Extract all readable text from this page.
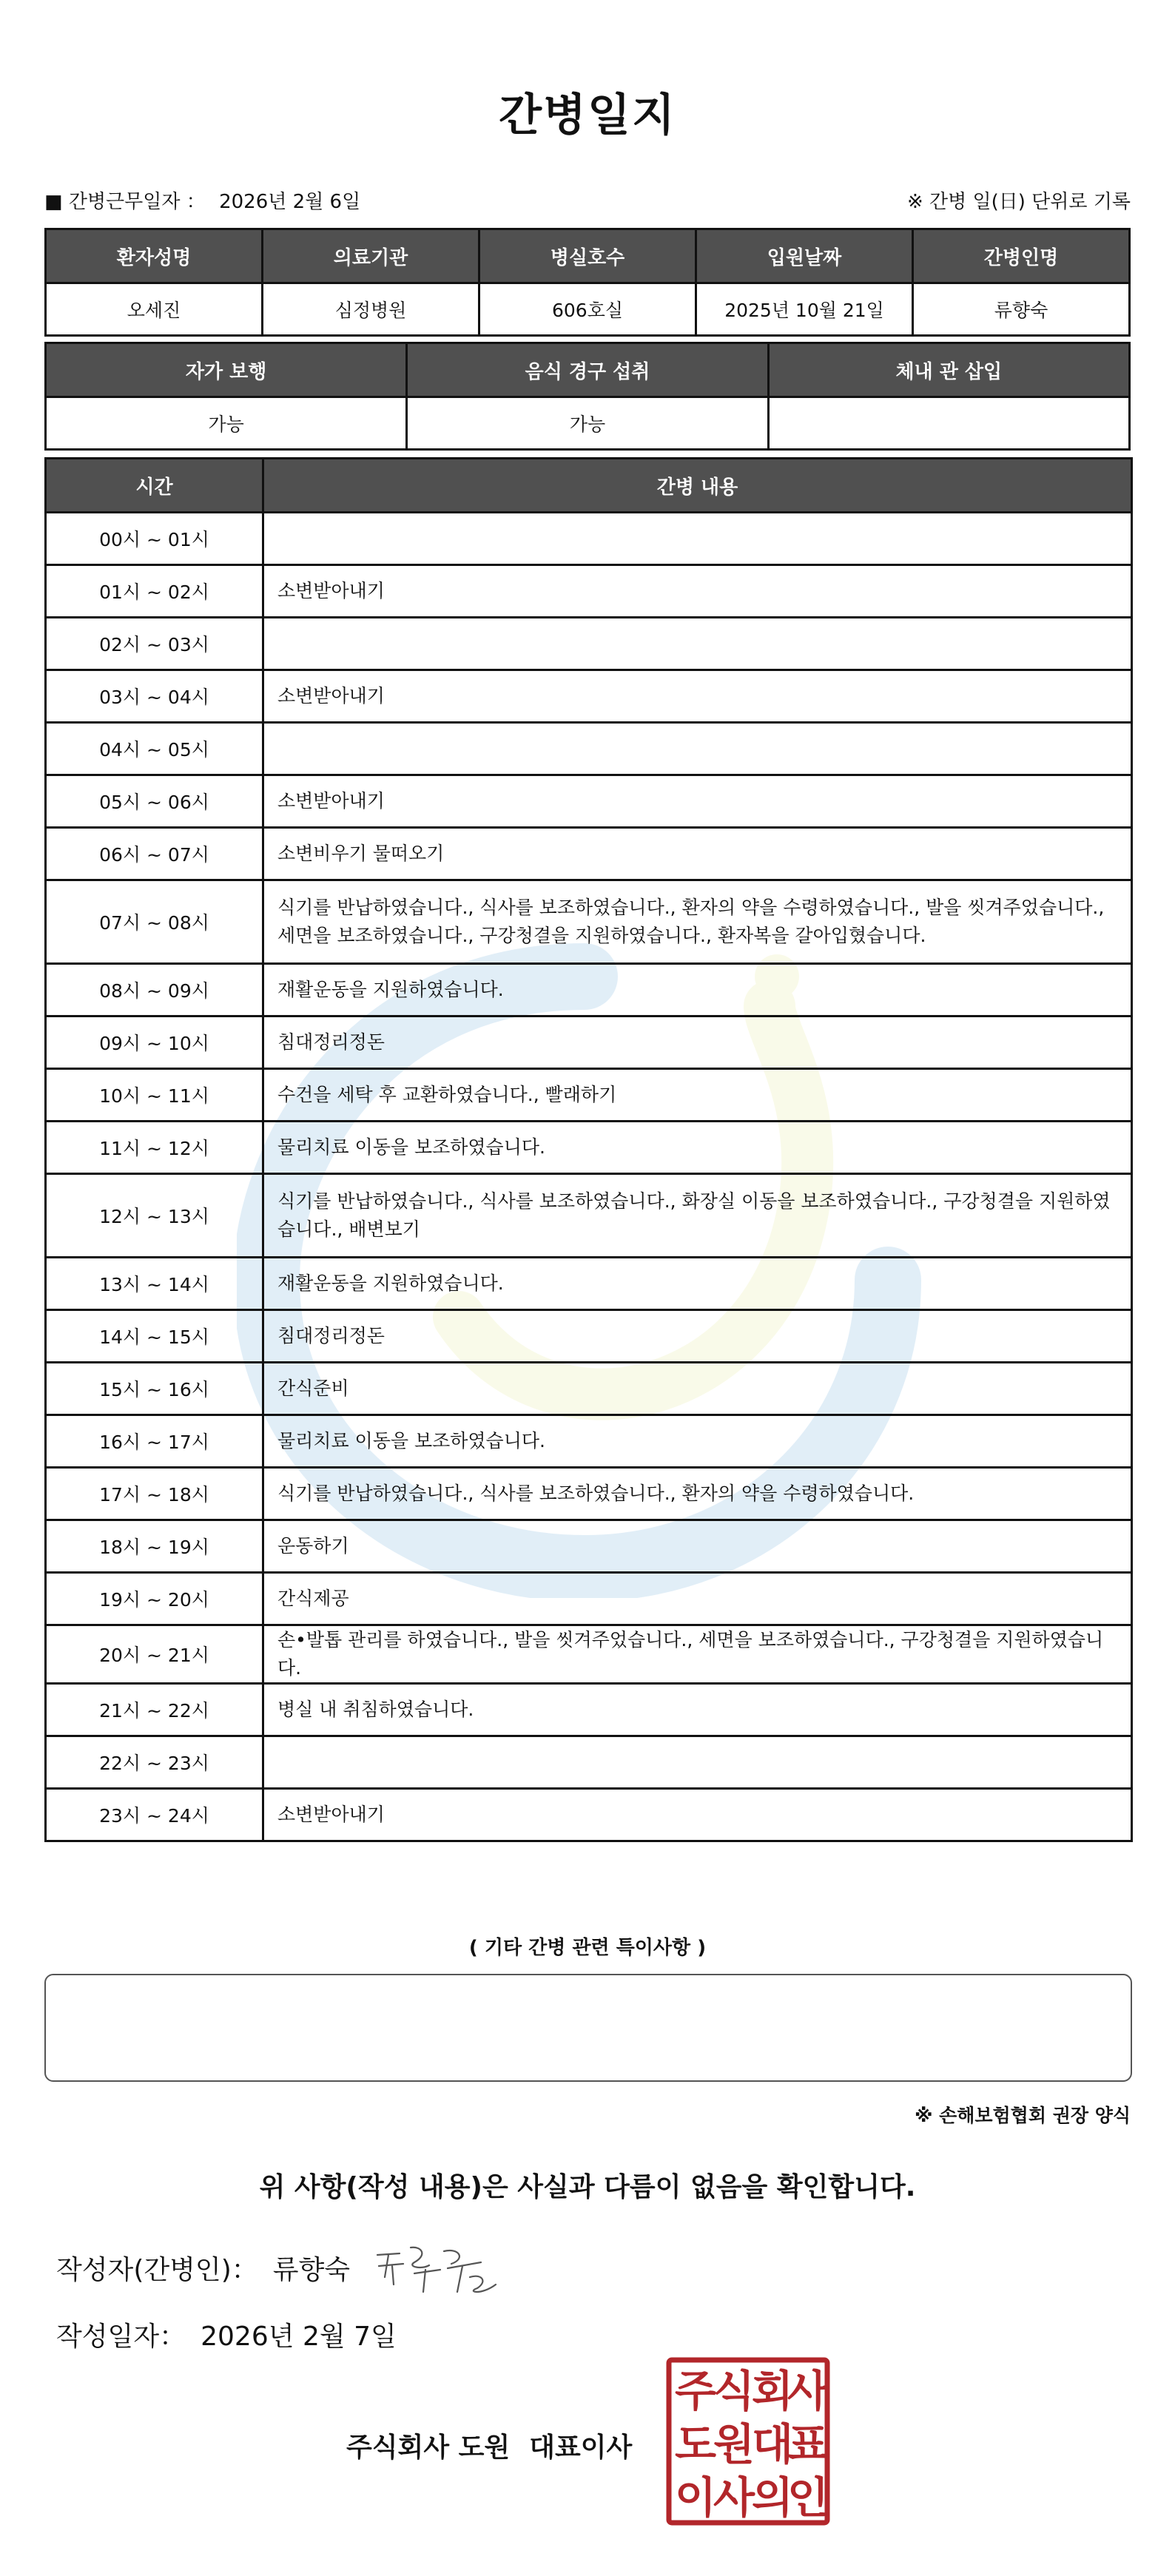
간병일지
■ 간병근무일자 ： 2026년 2월 6일	※ 간병 일(日) 단위로 기록
환자성명	의료기관	병실호수	입원날짜	간병인명
오세진	심정병원	606호실	2025년 10월 21일	류향숙
자가 보행	음식 경구 섭취	체내 관 삽입
가능	가능	
시간	간병 내용
00시 ~ 01시	
01시 ~ 02시	소변받아내기
02시 ~ 03시	
03시 ~ 04시	소변받아내기
04시 ~ 05시	
05시 ~ 06시	소변받아내기
06시 ~ 07시	소변비우기 물떠오기
07시 ~ 08시	식기를 반납하였습니다., 식사를 보조하였습니다., 환자의 약을 수령하였습니다., 발을 씻겨주었습니다., 세면을 보조하였습니다., 구강청결을 지원하였습니다., 환자복을 갈아입혔습니다.
08시 ~ 09시	재활운동을 지원하였습니다.
09시 ~ 10시	침대정리정돈
10시 ~ 11시	수건을 세탁 후 교환하였습니다., 빨래하기
11시 ~ 12시	물리치료 이동을 보조하였습니다.
12시 ~ 13시	식기를 반납하였습니다., 식사를 보조하였습니다., 화장실 이동을 보조하였습니다., 구강청결을 지원하였습니다., 배변보기
13시 ~ 14시	재활운동을 지원하였습니다.
14시 ~ 15시	침대정리정돈
15시 ~ 16시	간식준비
16시 ~ 17시	물리치료 이동을 보조하였습니다.
17시 ~ 18시	식기를 반납하였습니다., 식사를 보조하였습니다., 환자의 약을 수령하였습니다.
18시 ~ 19시	운동하기
19시 ~ 20시	간식제공
20시 ~ 21시	손•발톱 관리를 하였습니다., 발을 씻겨주었습니다., 세면을 보조하였습니다., 구강청결을 지원하였습니다.
21시 ~ 22시	병실 내 취침하였습니다.
22시 ~ 23시	
23시 ~ 24시	소변받아내기
( 기타 간병 관련 특이사항 )
※ 손해보험협회 권장 양식
위 사항(작성 내용)은 사실과 다름이 없음을 확인합니다.
작성자(간병인)： 류향숙
작성일자： 2026년 2월 7일
주식회사 도원 대표이사
주
식
회
사
도
원
대
표
이
사
의
인
